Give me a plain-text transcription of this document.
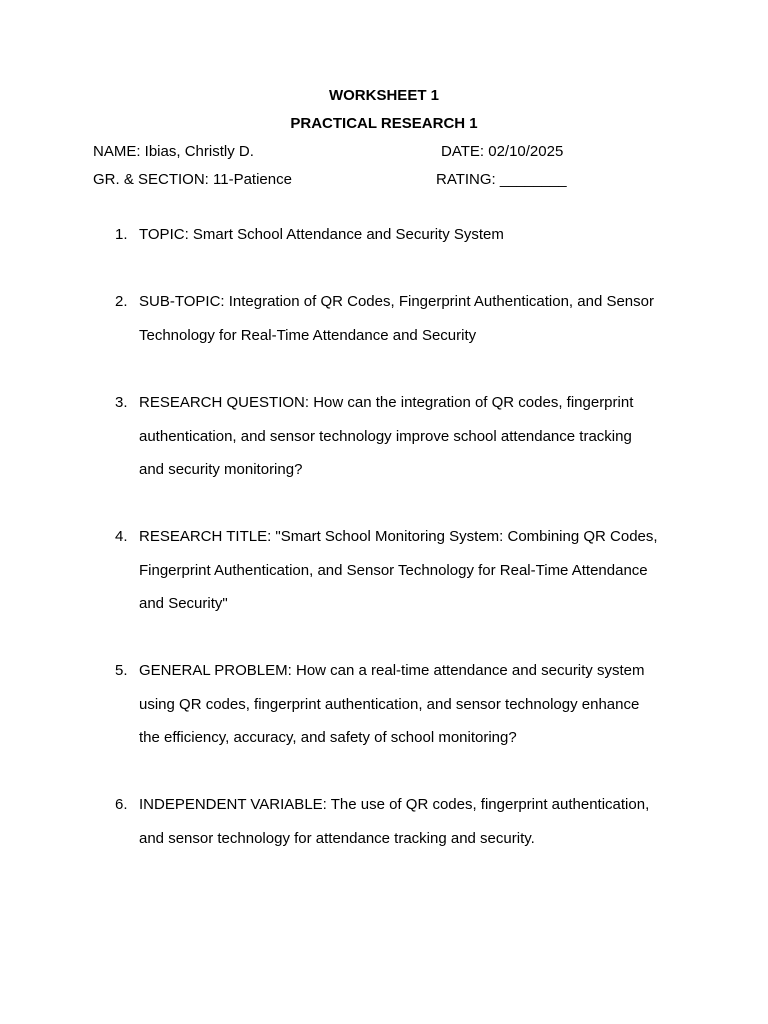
WORKSHEET 1
PRACTICAL RESEARCH 1
NAME: Ibias, Christly D.	DATE: 02/10/2025
GR. & SECTION: 11-Patience	RATING: ________
1. TOPIC: Smart School Attendance and Security System
2. SUB-TOPIC: Integration of QR Codes, Fingerprint Authentication, and Sensor
Technology for Real-Time Attendance and Security
3. RESEARCH QUESTION: How can the integration of QR codes, fingerprint
authentication, and sensor technology improve school attendance tracking
and security monitoring?
4. RESEARCH TITLE: "Smart School Monitoring System: Combining QR Codes,
Fingerprint Authentication, and Sensor Technology for Real-Time Attendance
and Security"
5. GENERAL PROBLEM: How can a real-time attendance and security system
using QR codes, fingerprint authentication, and sensor technology enhance
the efficiency, accuracy, and safety of school monitoring?
6. INDEPENDENT VARIABLE: The use of QR codes, fingerprint authentication,
and sensor technology for attendance tracking and security.
